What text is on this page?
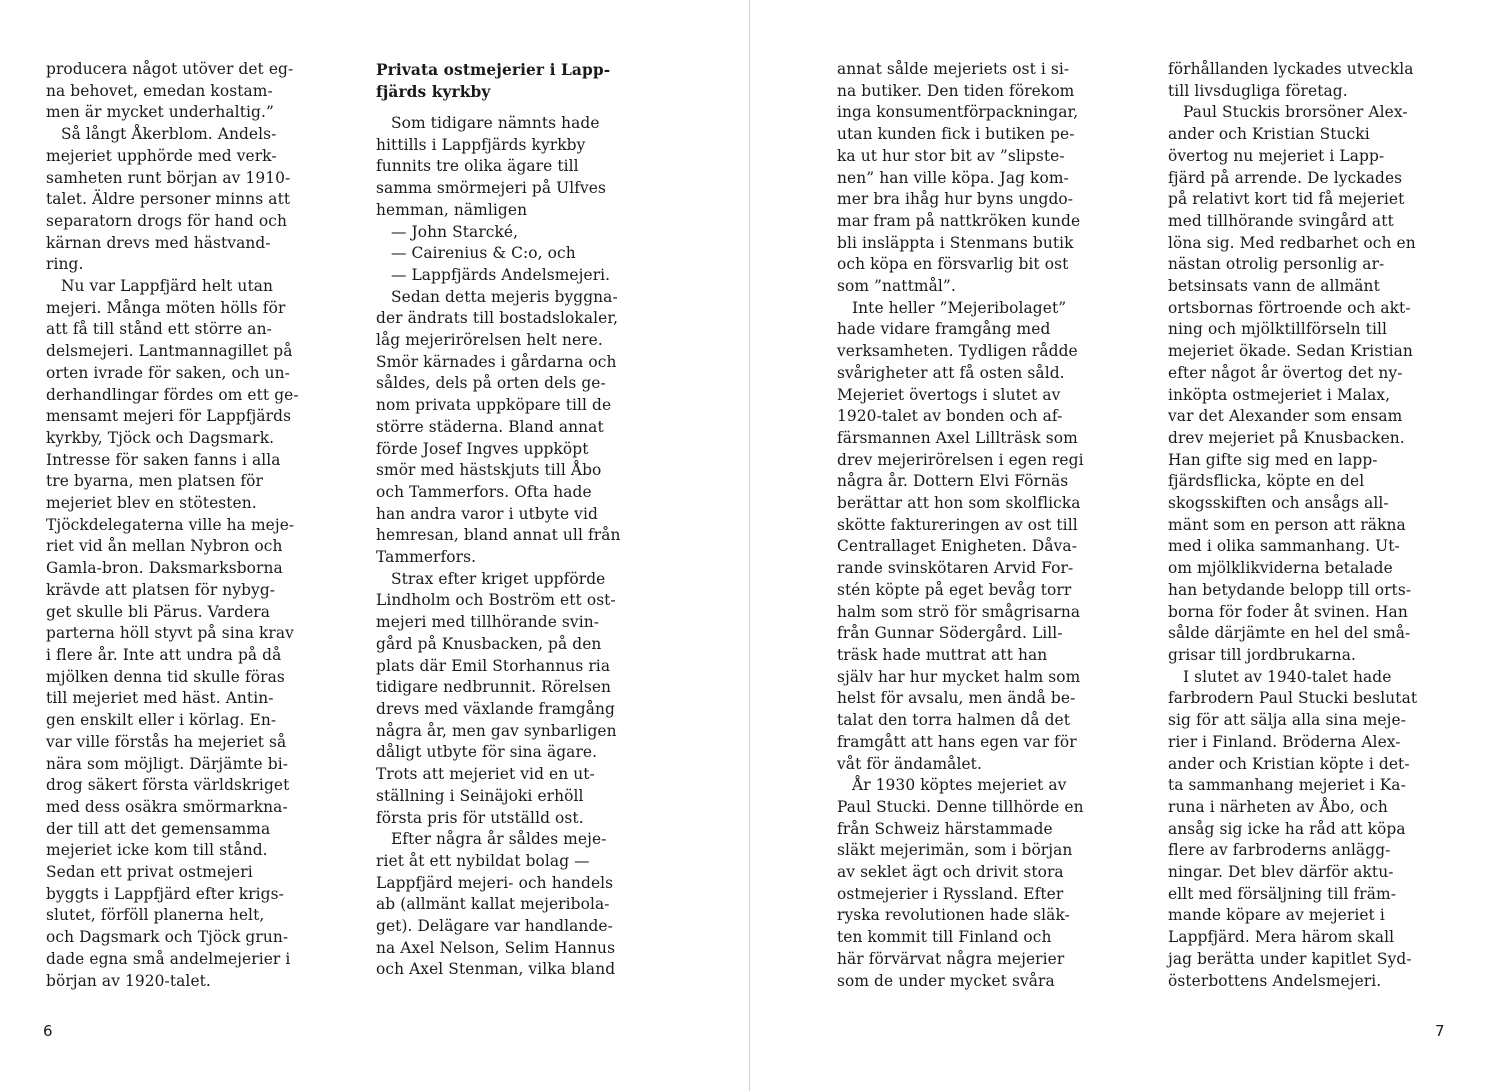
producera något utöver det eg-

na behovet, emedan kostam-

men är mycket underhaltig.”

Så långt Åkerblom. Andels-

mejeriet upphörde med verk-

samheten runt början av 1910-

talet. Äldre personer minns att

separatorn drogs för hand och

kärnan drevs med hästvand-

ring.

Nu var Lappfjärd helt utan

mejeri. Många möten hölls för

att få till stånd ett större an-

delsmejeri. Lantmannagillet på

orten ivrade för saken, och un-

derhandlingar fördes om ett ge-

mensamt mejeri för Lappfjärds

kyrkby, Tjöck och Dagsmark.

Intresse för saken fanns i alla

tre byarna, men platsen för

mejeriet blev en stötesten.

Tjöckdelegaterna ville ha meje-

riet vid ån mellan Nybron och

Gamla-bron. Daksmarksborna

krävde att platsen för nybyg-

get skulle bli Pärus. Vardera

parterna höll styvt på sina krav

i flere år. Inte att undra på då

mjölken denna tid skulle föras

till mejeriet med häst. Antin-

gen enskilt eller i körlag. En-

var ville förstås ha mejeriet så

nära som möjligt. Därjämte bi-

drog säkert första världskriget

med dess osäkra smörmarkna-

der till att det gemensamma

mejeriet icke kom till stånd.

Sedan ett privat ostmejeri

byggts i Lappfjärd efter krigs-

slutet, förföll planerna helt,

och Dagsmark och Tjöck grun-

dade egna små andelmejerier i

början av 1920-talet.

Privata ostmejerier i Lapp-

fjärds kyrkby

Som tidigare nämnts hade

hittills i Lappfjärds kyrkby

funnits tre olika ägare till

samma smörmejeri på Ulfves

hemman, nämligen

— John Starcké,

— Cairenius & C:o, och

— Lappfjärds Andelsmejeri.

Sedan detta mejeris byggna-

der ändrats till bostadslokaler,

låg mejerirörelsen helt nere.

Smör kärnades i gårdarna och

såldes, dels på orten dels ge-

nom privata uppköpare till de

större städerna. Bland annat

förde Josef Ingves uppköpt

smör med hästskjuts till Åbo

och Tammerfors. Ofta hade

han andra varor i utbyte vid

hemresan, bland annat ull från

Tammerfors.

Strax efter kriget uppförde

Lindholm och Boström ett ost-

mejeri med tillhörande svin-

gård på Knusbacken, på den

plats där Emil Storhannus ria

tidigare nedbrunnit. Rörelsen

drevs med växlande framgång

några år, men gav synbarligen

dåligt utbyte för sina ägare.

Trots att mejeriet vid en ut-

ställning i Seinäjoki erhöll

första pris för utställd ost.

Efter några år såldes meje-

riet åt ett nybildat bolag —

Lappfjärd mejeri- och handels

ab (allmänt kallat mejeribola-

get). Delägare var handlande-

na Axel Nelson, Selim Hannus

och Axel Stenman, vilka bland

annat sålde mejeriets ost i si-

na butiker. Den tiden förekom

inga konsumentförpackningar,

utan kunden fick i butiken pe-

ka ut hur stor bit av ”slipste-

nen” han ville köpa. Jag kom-

mer bra ihåg hur byns ungdo-

mar fram på nattkröken kunde

bli insläppta i Stenmans butik

och köpa en försvarlig bit ost

som ”nattmål”.

Inte heller ”Mejeribolaget”

hade vidare framgång med

verksamheten. Tydligen rådde

svårigheter att få osten såld.

Mejeriet övertogs i slutet av

1920-talet av bonden och af-

färsmannen Axel Lillträsk som

drev mejerirörelsen i egen regi

några år. Dottern Elvi Förnäs

berättar att hon som skolflicka

skötte faktureringen av ost till

Centrallaget Enigheten. Dåva-

rande svinskötaren Arvid For-

stén köpte på eget bevåg torr

halm som strö för smågrisarna

från Gunnar Södergård. Lill-

träsk hade muttrat att han

själv har hur mycket halm som

helst för avsalu, men ändå be-

talat den torra halmen då det

framgått att hans egen var för

våt för ändamålet.

År 1930 köptes mejeriet av

Paul Stucki. Denne tillhörde en

från Schweiz härstammade

släkt mejerimän, som i början

av seklet ägt och drivit stora

ostmejerier i Ryssland. Efter

ryska revolutionen hade släk-

ten kommit till Finland och

här förvärvat några mejerier

som de under mycket svåra

förhållanden lyckades utveckla

till livsdugliga företag.

Paul Stuckis brorsöner Alex-

ander och Kristian Stucki

övertog nu mejeriet i Lapp-

fjärd på arrende. De lyckades

på relativt kort tid få mejeriet

med tillhörande svingård att

löna sig. Med redbarhet och en

nästan otrolig personlig ar-

betsinsats vann de allmänt

ortsbornas förtroende och akt-

ning och mjölktillförseln till

mejeriet ökade. Sedan Kristian

efter något år övertog det ny-

inköpta ostmejeriet i Malax,

var det Alexander som ensam

drev mejeriet på Knusbacken.

Han gifte sig med en lapp-

fjärdsflicka, köpte en del

skogsskiften och ansågs all-

mänt som en person att räkna

med i olika sammanhang. Ut-

om mjölklikviderna betalade

han betydande belopp till orts-

borna för foder åt svinen. Han

sålde därjämte en hel del små-

grisar till jordbrukarna.

I slutet av 1940-talet hade

farbrodern Paul Stucki beslutat

sig för att sälja alla sina meje-

rier i Finland. Bröderna Alex-

ander och Kristian köpte i det-

ta sammanhang mejeriet i Ka-

runa i närheten av Åbo, och

ansåg sig icke ha råd att köpa

flere av farbroderns anlägg-

ningar. Det blev därför aktu-

ellt med försäljning till främ-

mande köpare av mejeriet i

Lappfjärd. Mera härom skall

jag berätta under kapitlet Syd-

österbottens Andelsmejeri.

6	7
